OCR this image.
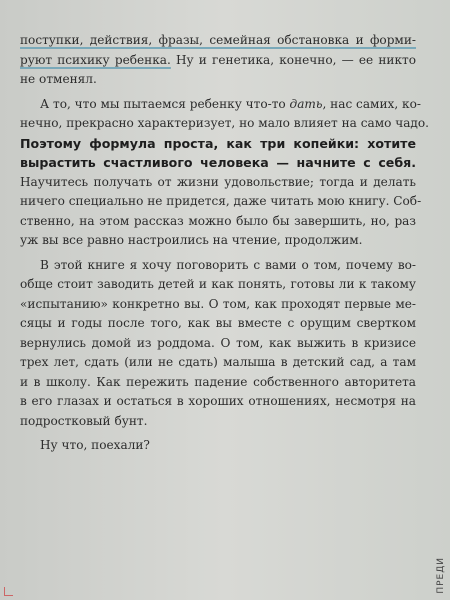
поступки, действия, фразы, семейная обстановка и форми-
руют психику ребенка. Ну и генетика, конечно, — ее никто
не отменял.

А то, что мы пытаемся ребенку что-то дать, нас самих, ко-
нечно, прекрасно характеризует, но мало влияет на само чадо.

Поэтому формула проста, как три копейки: хотите
вырастить счастливого человека — начните с себя.
Научитесь получать от жизни удовольствие; тогда и делать
ничего специально не придется, даже читать мою книгу. Соб-
ственно, на этом рассказ можно было бы завершить, но, раз
уж вы все равно настроились на чтение, продолжим.

В этой книге я хочу поговорить с вами о том, почему во-
обще стоит заводить детей и как понять, готовы ли к такому
«испытанию» конкретно вы. О том, как проходят первые ме-
сяцы и годы после того, как вы вместе с орущим свертком
вернулись домой из роддома. О том, как выжить в кризисе
трех лет, сдать (или не сдать) малыша в детский сад, а там
и в школу. Как пережить падение собственного авторитета
в его глазах и остаться в хороших отношениях, несмотря на
подростковый бунт.

Ну что, поехали?

ПРЕДИ
